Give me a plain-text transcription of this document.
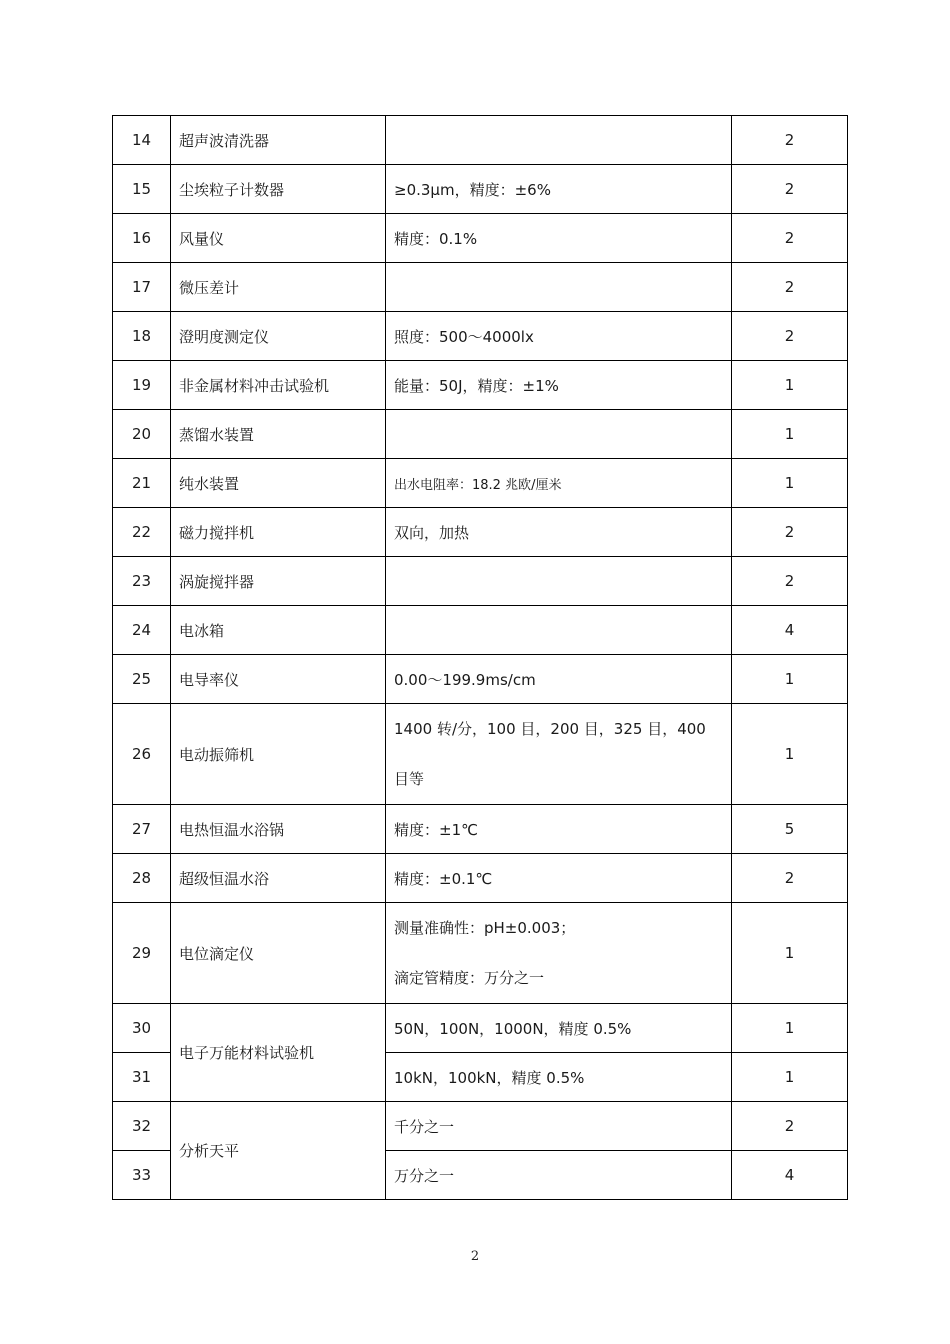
14	超声波清洗器		2
15	尘埃粒子计数器	≥0.3μm，精度：±6%	2
16	风量仪	精度：0.1%	2
17	微压差计		2
18	澄明度测定仪	照度：500～4000lx	2
19	非金属材料冲击试验机	能量：50J，精度：±1%	1
20	蒸馏水装置		1
21	纯水装置	出水电阻率：18.2 兆欧/厘米	1
22	磁力搅拌机	双向，加热	2
23	涡旋搅拌器		2
24	电冰箱		4
25	电导率仪	0.00～199.9ms/cm	1
26	电动振筛机	1400 转/分，100 目，200 目，325 目，400 目等	1
27	电热恒温水浴锅	精度：±1℃	5
28	超级恒温水浴	精度：±0.1℃	2
29	电位滴定仪	测量准确性：pH±0.003；
滴定管精度：万分之一	1
30	电子万能材料试验机	50N，100N，1000N，精度 0.5%	1
31		10kN，100kN，精度 0.5%	1
32	分析天平	千分之一	2
33		万分之一	4
2
